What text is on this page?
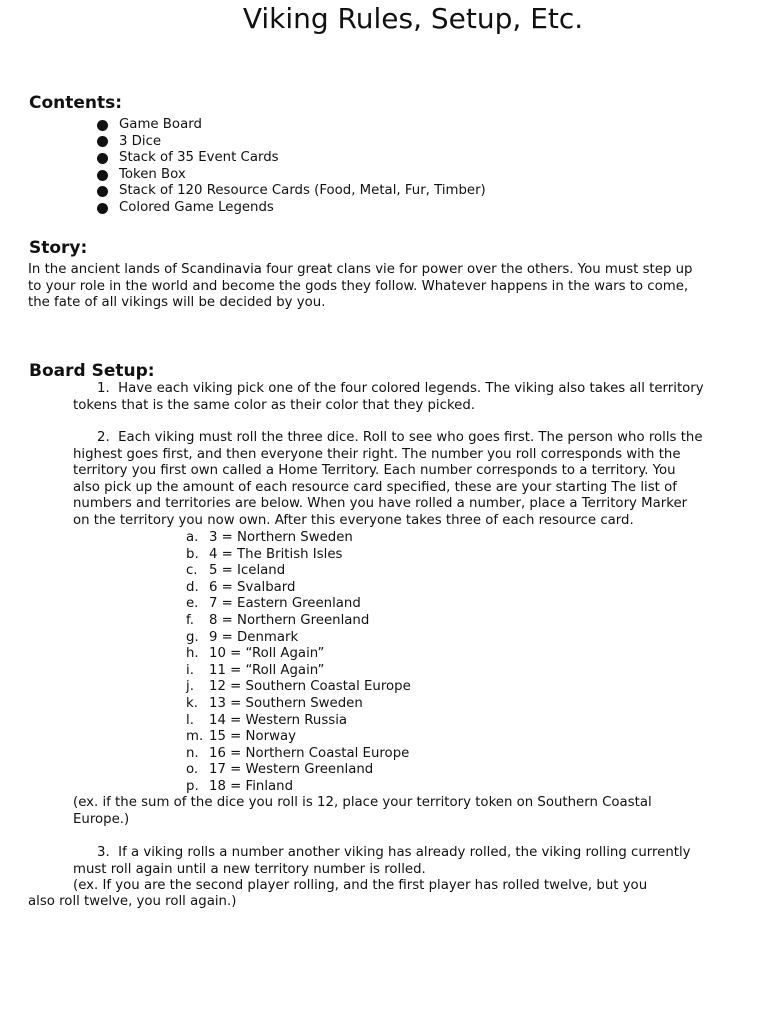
Viking Rules, Setup, Etc.
Contents:
Game Board
3 Dice
Stack of 35 Event Cards
Token Box
Stack of 120 Resource Cards (Food, Metal, Fur, Timber)
Colored Game Legends
Story:
In the ancient lands of Scandinavia four great clans vie for power over the others. You must step up
to your role in the world and become the gods they follow. Whatever happens in the wars to come,
the fate of all vikings will be decided by you.
Board Setup:
1. Have each viking pick one of the four colored legends. The viking also takes all territory
tokens that is the same color as their color that they picked.
2. Each viking must roll the three dice. Roll to see who goes first. The person who rolls the
highest goes first, and then everyone their right. The number you roll corresponds with the
territory you first own called a Home Territory. Each number corresponds to a territory. You
also pick up the amount of each resource card specified, these are your starting The list of
numbers and territories are below. When you have rolled a number, place a Territory Marker
on the territory you now own. After this everyone takes three of each resource card.
a. 3 = Northern Sweden
b. 4 = The British Isles
c. 5 = Iceland
d. 6 = Svalbard
e. 7 = Eastern Greenland
f.	8 = Northern Greenland
g. 9 = Denmark
h. 10 = “Roll Again”
i.	11 = “Roll Again”
j.	12 = Southern Coastal Europe
k. 13 = Southern Sweden
l.	14 = Western Russia
m. 15 = Norway
n. 16 = Northern Coastal Europe
o. 17 = Western Greenland
p. 18 = Finland
(ex. if the sum of the dice you roll is 12, place your territory token on Southern Coastal
Europe.)
3. If a viking rolls a number another viking has already rolled, the viking rolling currently
must roll again until a new territory number is rolled.
(ex. If you are the second player rolling, and the first player has rolled twelve, but you
also roll twelve, you roll again.)
